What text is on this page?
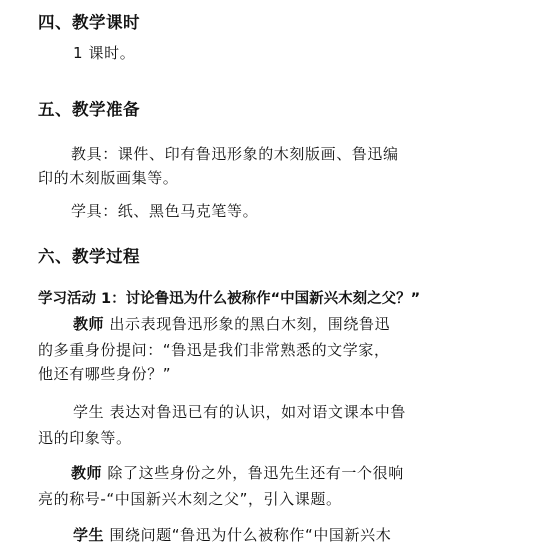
四、教学课时
1 课时。
五、教学准备
教具：课件、印有鲁迅形象的木刻版画、鲁迅编
印的木刻版画集等。
学具：纸、黑色马克笔等。
六、教学过程
学习活动 1：讨论鲁迅为什么被称作“中国新兴木刻之父？”
教师 出示表现鲁迅形象的黑白木刻，围绕鲁迅
的多重身份提问：“鲁迅是我们非常熟悉的文学家，
他还有哪些身份？”
学生 表达对鲁迅已有的认识，如对语文课本中鲁
迅的印象等。
教师 除了这些身份之外，鲁迅先生还有一个很响
亮的称号-“中国新兴木刻之父”，引入课题。
学生 围绕问题“鲁迅为什么被称作“中国新兴木
